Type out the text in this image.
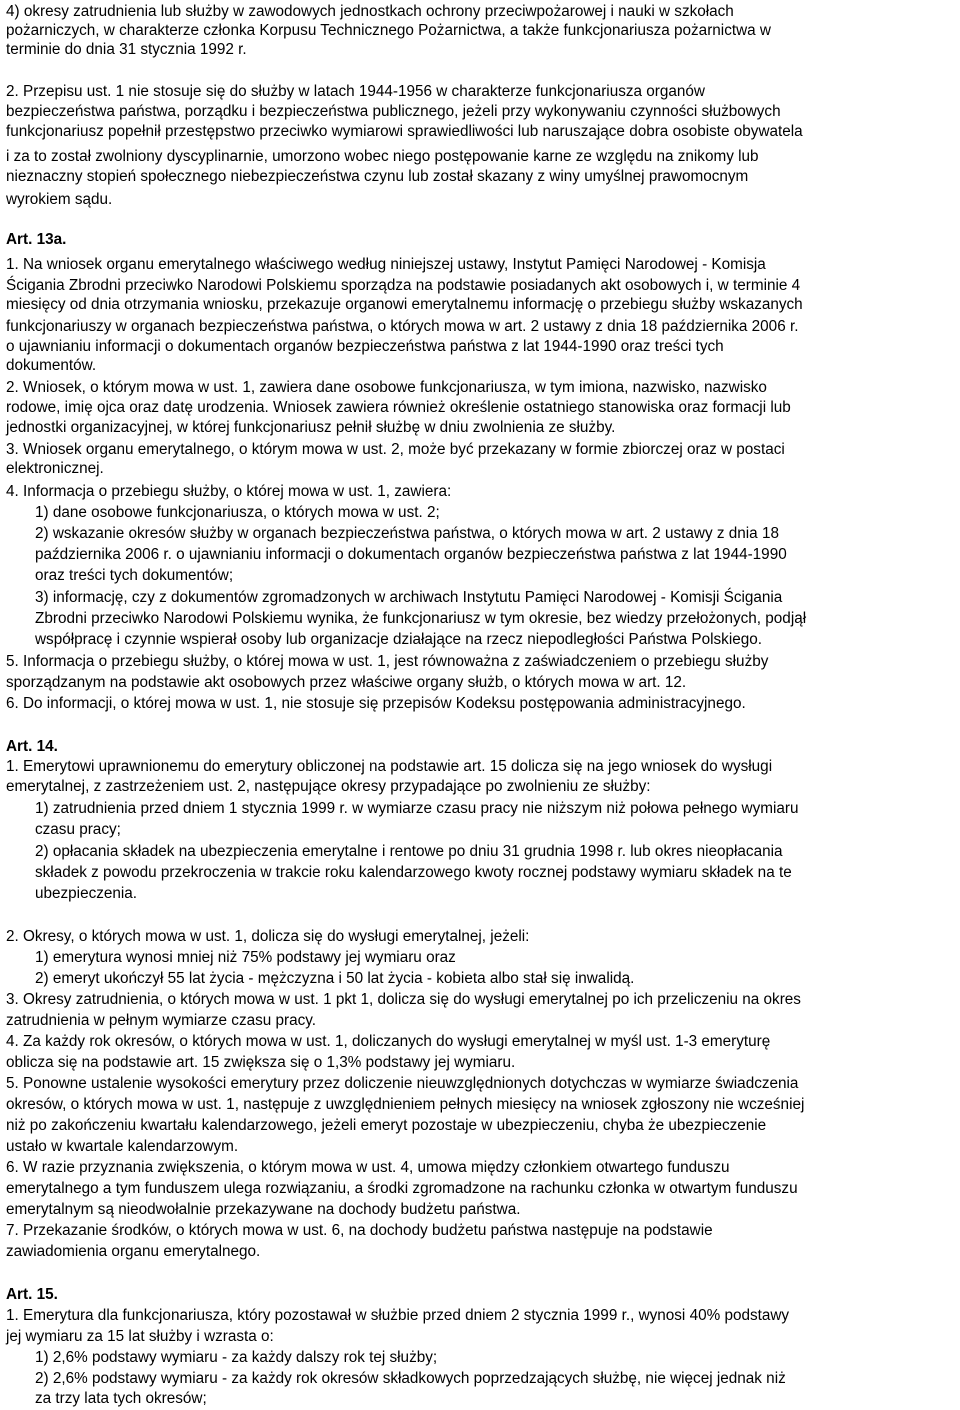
4) okresy zatrudnienia lub służby w zawodowych jednostkach ochrony przeciwpożarowej i nauki w szkołach
pożarniczych, w charakterze członka Korpusu Technicznego Pożarnictwa, a także funkcjonariusza pożarnictwa w
terminie do dnia 31 stycznia 1992 r.
2. Przepisu ust. 1 nie stosuje się do służby w latach 1944-1956 w charakterze funkcjonariusza organów
bezpieczeństwa państwa, porządku i bezpieczeństwa publicznego, jeżeli przy wykonywaniu czynności służbowych
funkcjonariusz popełnił przestępstwo przeciwko wymiarowi sprawiedliwości lub naruszające dobra osobiste obywatela
i za to został zwolniony dyscyplinarnie, umorzono wobec niego postępowanie karne ze względu na znikomy lub
nieznaczny stopień społecznego niebezpieczeństwa czynu lub został skazany z winy umyślnej prawomocnym
wyrokiem sądu.
Art. 13a.
1. Na wniosek organu emerytalnego właściwego według niniejszej ustawy, Instytut Pamięci Narodowej - Komisja
Ścigania Zbrodni przeciwko Narodowi Polskiemu sporządza na podstawie posiadanych akt osobowych i, w terminie 4
miesięcy od dnia otrzymania wniosku, przekazuje organowi emerytalnemu informację o przebiegu służby wskazanych
funkcjonariuszy w organach bezpieczeństwa państwa, o których mowa w art. 2 ustawy z dnia 18 października 2006 r.
o ujawnianiu informacji o dokumentach organów bezpieczeństwa państwa z lat 1944-1990 oraz treści tych
dokumentów.
2. Wniosek, o którym mowa w ust. 1, zawiera dane osobowe funkcjonariusza, w tym imiona, nazwisko, nazwisko
rodowe, imię ojca oraz datę urodzenia. Wniosek zawiera również określenie ostatniego stanowiska oraz formacji lub
jednostki organizacyjnej, w której funkcjonariusz pełnił służbę w dniu zwolnienia ze służby.
3. Wniosek organu emerytalnego, o którym mowa w ust. 2, może być przekazany w formie zbiorczej oraz w postaci
elektronicznej.
4. Informacja o przebiegu służby, o której mowa w ust. 1, zawiera:
1) dane osobowe funkcjonariusza, o których mowa w ust. 2;
2) wskazanie okresów służby w organach bezpieczeństwa państwa, o których mowa w art. 2 ustawy z dnia 18
października 2006 r. o ujawnianiu informacji o dokumentach organów bezpieczeństwa państwa z lat 1944-1990
oraz treści tych dokumentów;
3) informację, czy z dokumentów zgromadzonych w archiwach Instytutu Pamięci Narodowej - Komisji Ścigania
Zbrodni przeciwko Narodowi Polskiemu wynika, że funkcjonariusz w tym okresie, bez wiedzy przełożonych, podjął
współpracę i czynnie wspierał osoby lub organizacje działające na rzecz niepodległości Państwa Polskiego.
5. Informacja o przebiegu służby, o której mowa w ust. 1, jest równoważna z zaświadczeniem o przebiegu służby
sporządzanym na podstawie akt osobowych przez właściwe organy służb, o których mowa w art. 12.
6. Do informacji, o której mowa w ust. 1, nie stosuje się przepisów Kodeksu postępowania administracyjnego.
Art. 14.
1. Emerytowi uprawnionemu do emerytury obliczonej na podstawie art. 15 dolicza się na jego wniosek do wysługi
emerytalnej, z zastrzeżeniem ust. 2, następujące okresy przypadające po zwolnieniu ze służby:
1) zatrudnienia przed dniem 1 stycznia 1999 r. w wymiarze czasu pracy nie niższym niż połowa pełnego wymiaru
czasu pracy;
2) opłacania składek na ubezpieczenia emerytalne i rentowe po dniu 31 grudnia 1998 r. lub okres nieopłacania
składek z powodu przekroczenia w trakcie roku kalendarzowego kwoty rocznej podstawy wymiaru składek na te
ubezpieczenia.
2. Okresy, o których mowa w ust. 1, dolicza się do wysługi emerytalnej, jeżeli:
1) emerytura wynosi mniej niż 75% podstawy jej wymiaru oraz
2) emeryt ukończył 55 lat życia - mężczyzna i 50 lat życia - kobieta albo stał się inwalidą.
3. Okresy zatrudnienia, o których mowa w ust. 1 pkt 1, dolicza się do wysługi emerytalnej po ich przeliczeniu na okres
zatrudnienia w pełnym wymiarze czasu pracy.
4. Za każdy rok okresów, o których mowa w ust. 1, doliczanych do wysługi emerytalnej w myśl ust. 1-3 emeryturę
oblicza się na podstawie art. 15 zwiększa się o 1,3% podstawy jej wymiaru.
5. Ponowne ustalenie wysokości emerytury przez doliczenie nieuwzględnionych dotychczas w wymiarze świadczenia
okresów, o których mowa w ust. 1, następuje z uwzględnieniem pełnych miesięcy na wniosek zgłoszony nie wcześniej
niż po zakończeniu kwartału kalendarzowego, jeżeli emeryt pozostaje w ubezpieczeniu, chyba że ubezpieczenie
ustało w kwartale kalendarzowym.
6. W razie przyznania zwiększenia, o którym mowa w ust. 4, umowa między członkiem otwartego funduszu
emerytalnego a tym funduszem ulega rozwiązaniu, a środki zgromadzone na rachunku członka w otwartym funduszu
emerytalnym są nieodwołalnie przekazywane na dochody budżetu państwa.
7. Przekazanie środków, o których mowa w ust. 6, na dochody budżetu państwa następuje na podstawie
zawiadomienia organu emerytalnego.
Art. 15.
1. Emerytura dla funkcjonariusza, który pozostawał w służbie przed dniem 2 stycznia 1999 r., wynosi 40% podstawy
jej wymiaru za 15 lat służby i wzrasta o:
1) 2,6% podstawy wymiaru - za każdy dalszy rok tej służby;
2) 2,6% podstawy wymiaru - za każdy rok okresów składkowych poprzedzających służbę, nie więcej jednak niż
za trzy lata tych okresów;
